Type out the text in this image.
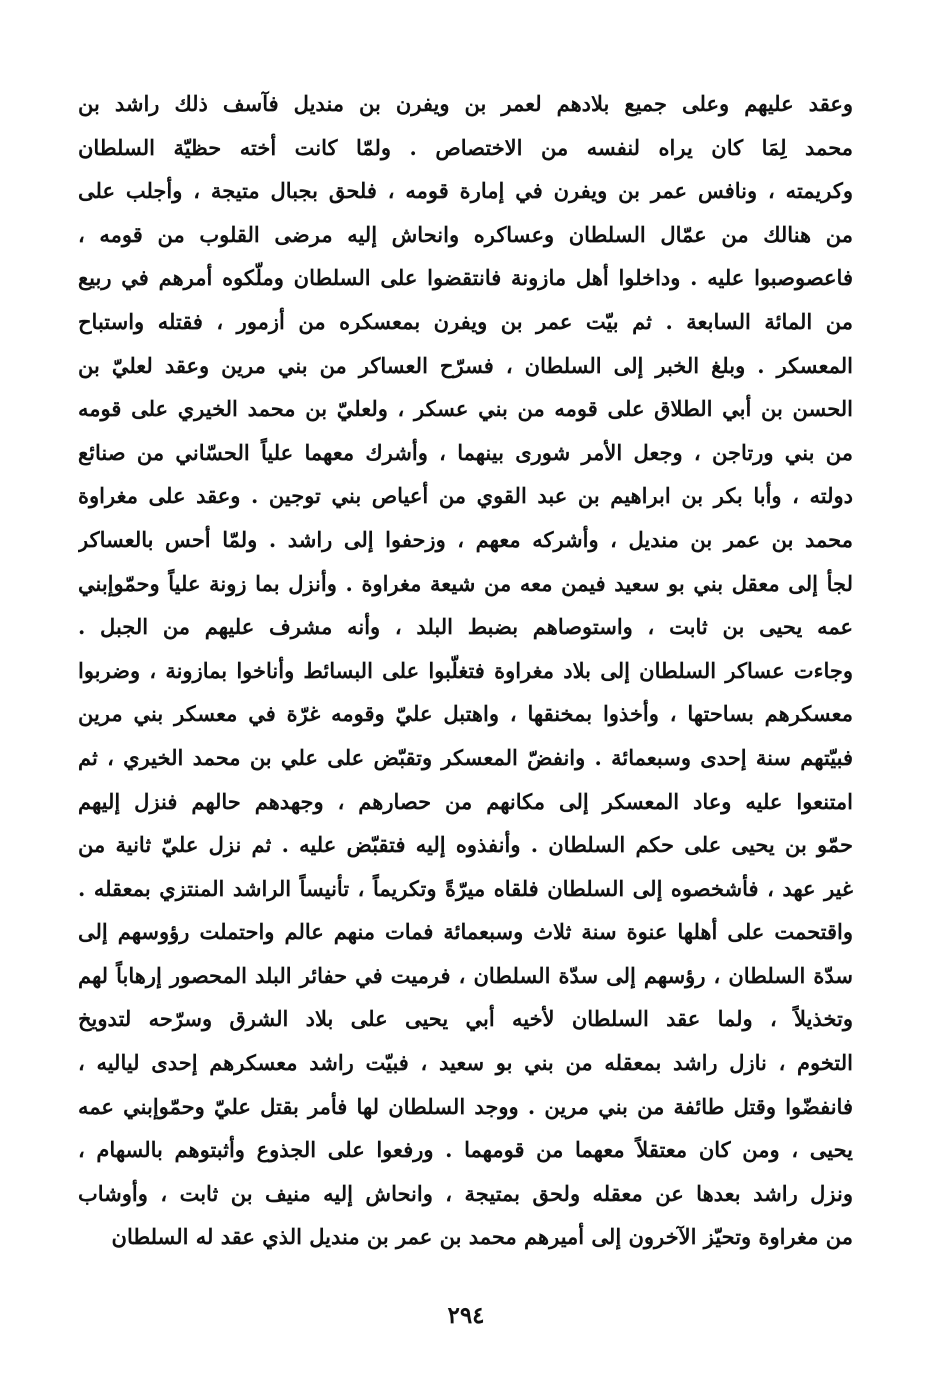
وعقد عليهم وعلى جميع بلادهم لعمر بن ويفرن بن منديل فآسف ذلك راشد بن
محمد لِمَا كان يراه لنفسه من الاختصاص . ولمّا كانت أخته حظيّة السلطان
وكريمته ، ونافس عمر بن ويفرن في إمارة قومه ، فلحق بجبال متيجة ، وأجلب على
من هنالك من عمّال السلطان وعساكره وانحاش إليه مرضى القلوب من قومه ،
فاعصوصبوا عليه . وداخلوا أهل مازونة فانتقضوا على السلطان وملّكوه أمرهم في ربيع
من المائة السابعة . ثم بيّت عمر بن ويفرن بمعسكره من أزمور ، فقتله واستباح
المعسكر . وبلغ الخبر إلى السلطان ، فسرّح العساكر من بني مرين وعقد لعليّ بن
الحسن بن أبي الطلاق على قومه من بني عسكر ، ولعليّ بن محمد الخيري على قومه
من بني ورتاجن ، وجعل الأمر شورى بينهما ، وأشرك معهما علياً الحسّاني من صنائع
دولته ، وأبا بكر بن ابراهيم بن عبد القوي من أعياص بني توجين . وعقد على مغراوة
محمد بن عمر بن منديل ، وأشركه معهم ، وزحفوا إلى راشد . ولمّا أحس بالعساكر
لجأ إلى معقل بني بو سعيد فيمن معه من شيعة مغراوة . وأنزل بما زونة علياً وحمّوإبني
عمه يحيى بن ثابت ، واستوصاهم بضبط البلد ، وأنه مشرف عليهم من الجبل .
وجاءت عساكر السلطان إلى بلاد مغراوة فتغلّبوا على البسائط وأناخوا بمازونة ، وضربوا
معسكرهم بساحتها ، وأخذوا بمخنقها ، واهتبل عليّ وقومه غرّة في معسكر بني مرين
فبيّتهم سنة إحدى وسبعمائة . وانفضّ المعسكر وتقبّض على علي بن محمد الخيري ، ثم
امتنعوا عليه وعاد المعسكر إلى مكانهم من حصارهم ، وجهدهم حالهم فنزل إليهم
حمّو بن يحيى على حكم السلطان . وأنفذوه إليه فتقبّض عليه . ثم نزل عليّ ثانية من
غير عهد ، فأشخصوه إلى السلطان فلقاه ميرّةً وتكريماً ، تأنيساً الراشد المنتزي بمعقله .
واقتحمت على أهلها عنوة سنة ثلاث وسبعمائة فمات منهم عالم واحتملت رؤوسهم إلى
سدّة السلطان ، رؤسهم إلى سدّة السلطان ، فرميت في حفائر البلد المحصور إرهاباً لهم
وتخذيلاً ، ولما عقد السلطان لأخيه أبي يحيى على بلاد الشرق وسرّحه لتدويخ
التخوم ، نازل راشد بمعقله من بني بو سعيد ، فبيّت راشد معسكرهم إحدى لياليه ،
فانفضّوا وقتل طائفة من بني مرين . ووجد السلطان لها فأمر بقتل عليّ وحمّوإبني عمه
يحيى ، ومن كان معتقلاً معهما من قومهما . ورفعوا على الجذوع وأثبتوهم بالسهام ،
ونزل راشد بعدها عن معقله ولحق بمتيجة ، وانحاش إليه منيف بن ثابت ، وأوشاب
من مغراوة وتحيّز الآخرون إلى أميرهم محمد بن عمر بن منديل الذي عقد له السلطان
٢٩٤
